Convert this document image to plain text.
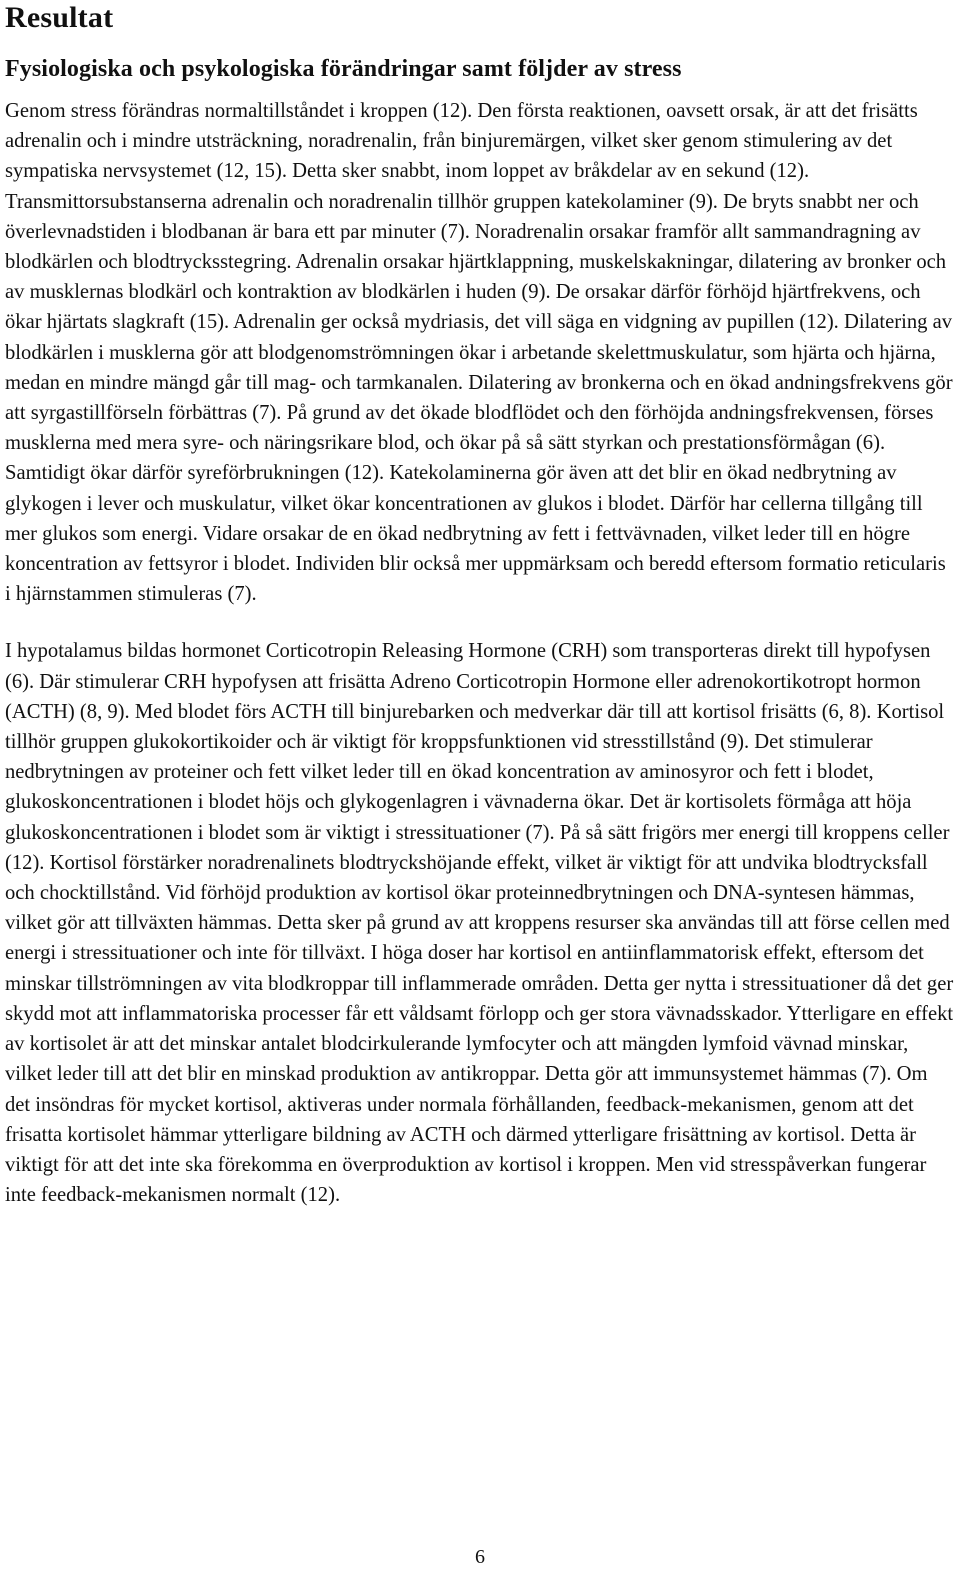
Resultat
Fysiologiska och psykologiska förändringar samt följder av stress

Genom stress förändras normaltillståndet i kroppen (12). Den första reaktionen, oavsett orsak, är att det frisätts adrenalin och i mindre utsträckning, noradrenalin, från binjuremärgen, vilket sker genom stimulering av det sympatiska nervsystemet (12, 15). Detta sker snabbt, inom loppet av bråkdelar av en sekund (12). Transmittorsubstanserna adrenalin och noradrenalin tillhör gruppen katekolaminer (9). De bryts snabbt ner och överlevnadstiden i blodbanan är bara ett par minuter (7). Noradrenalin orsakar framför allt sammandragning av blodkärlen och blodtrycksstegring. Adrenalin orsakar hjärtklappning, muskelskakningar, dilatering av bronker och av musklernas blodkärl och kontraktion av blodkärlen i huden (9). De orsakar därför förhöjd hjärtfrekvens, och ökar hjärtats slagkraft (15). Adrenalin ger också mydriasis, det vill säga en vidgning av pupillen (12). Dilatering av blodkärlen i musklerna gör att blodgenomströmningen ökar i arbetande skelettmuskulatur, som hjärta och hjärna, medan en mindre mängd går till mag- och tarmkanalen. Dilatering av bronkerna och en ökad andningsfrekvens gör att syrgastillförseln förbättras (7). På grund av det ökade blodflödet och den förhöjda andningsfrekvensen, förses musklerna med mera syre- och näringsrikare blod, och ökar på så sätt styrkan och prestationsförmågan (6). Samtidigt ökar därför syreförbrukningen (12). Katekolaminerna gör även att det blir en ökad nedbrytning av glykogen i lever och muskulatur, vilket ökar koncentrationen av glukos i blodet. Därför har cellerna tillgång till mer glukos som energi. Vidare orsakar de en ökad nedbrytning av fett i fettvävnaden, vilket leder till en högre koncentration av fettsyror i blodet. Individen blir också mer uppmärksam och beredd eftersom formatio reticularis i hjärnstammen stimuleras (7).

I hypotalamus bildas hormonet Corticotropin Releasing Hormone (CRH) som transporteras direkt till hypofysen (6). Där stimulerar CRH hypofysen att frisätta Adreno Corticotropin Hormone eller adrenokortikotropt hormon (ACTH) (8, 9). Med blodet förs ACTH till binjurebarken och medverkar där till att kortisol frisätts (6, 8). Kortisol tillhör gruppen glukokortikoider och är viktigt för kroppsfunktionen vid stresstillstånd (9). Det stimulerar nedbrytningen av proteiner och fett vilket leder till en ökad koncentration av aminosyror och fett i blodet, glukoskoncentrationen i blodet höjs och glykogenlagren i vävnaderna ökar. Det är kortisolets förmåga att höja glukoskoncentrationen i blodet som är viktigt i stressituationer (7). På så sätt frigörs mer energi till kroppens celler (12). Kortisol förstärker noradrenalinets blodtryckshöjande effekt, vilket är viktigt för att undvika blodtrycksfall och chocktillstånd. Vid förhöjd produktion av kortisol ökar proteinnedbrytningen och DNA-syntesen hämmas, vilket gör att tillväxten hämmas. Detta sker på grund av att kroppens resurser ska användas till att förse cellen med energi i stressituationer och inte för tillväxt. I höga doser har kortisol en antiinflammatorisk effekt, eftersom det minskar tillströmningen av vita blodkroppar till inflammerade områden. Detta ger nytta i stressituationer då det ger skydd mot att inflammatoriska processer får ett våldsamt förlopp och ger stora vävnadsskador. Ytterligare en effekt av kortisolet är att det minskar antalet blodcirkulerande lymfocyter och att mängden lymfoid vävnad minskar, vilket leder till att det blir en minskad produktion av antikroppar. Detta gör att immunsystemet hämmas (7). Om det insöndras för mycket kortisol, aktiveras under normala förhållanden, feedback-mekanismen, genom att det frisatta kortisolet hämmar ytterligare bildning av ACTH och därmed ytterligare frisättning av kortisol. Detta är viktigt för att det inte ska förekomma en överproduktion av kortisol i kroppen. Men vid stresspåverkan fungerar inte feedback-mekanismen normalt (12).

6
